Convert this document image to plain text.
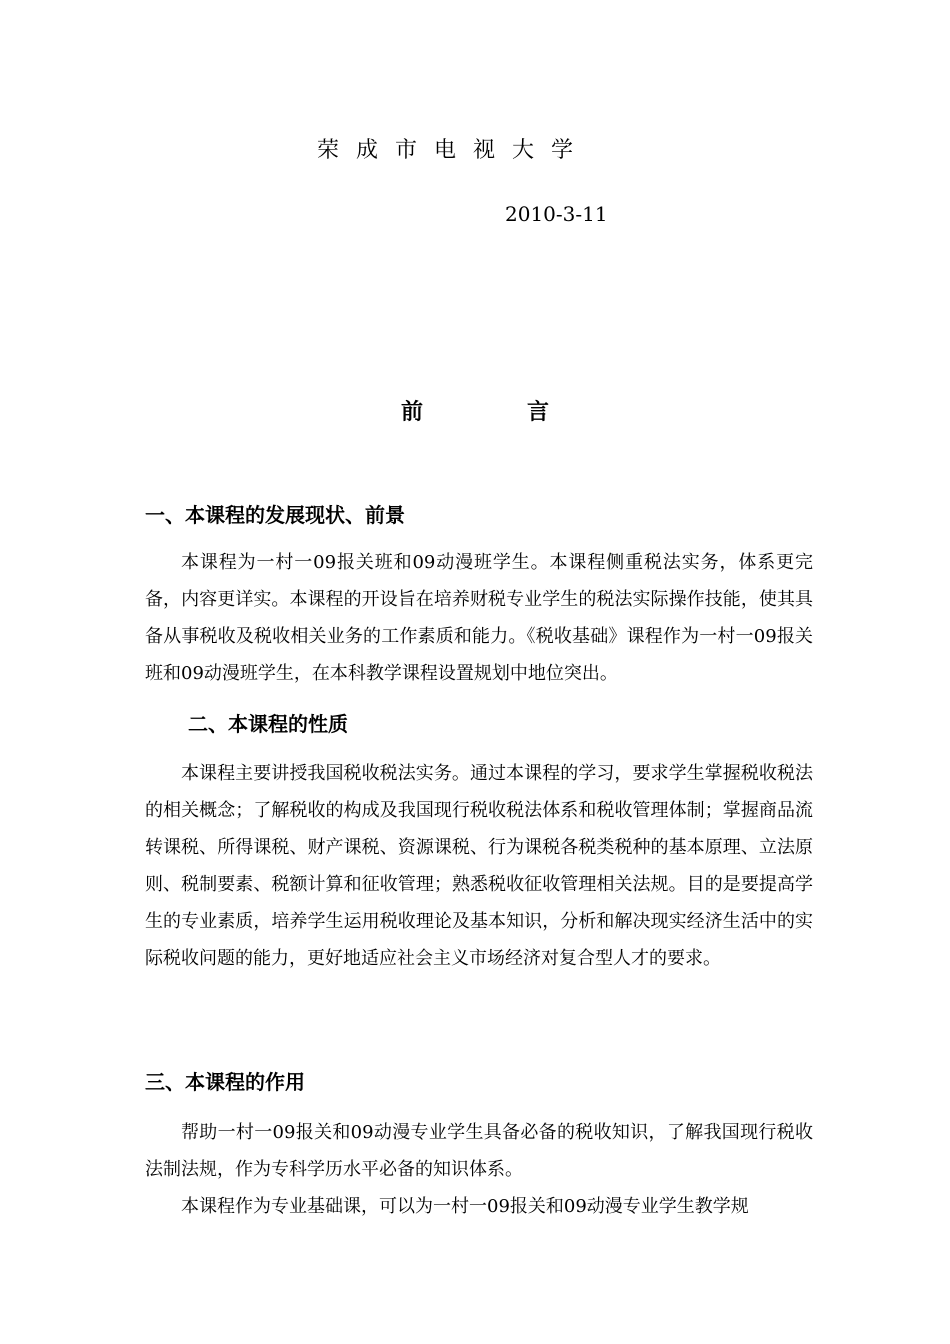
荣成市电视大学
2010-3-11
前	言
一、本课程的发展现状、前景
本课程为一村一09报关班和09动漫班学生。本课程侧重税法实务，体系更完备，内容更详实。本课程的开设旨在培养财税专业学生的税法实际操作技能，使其具备从事税收及税收相关业务的工作素质和能力。《税收基础》课程作为一村一09报关班和09动漫班学生，在本科教学课程设置规划中地位突出。
二、本课程的性质
本课程主要讲授我国税收税法实务。通过本课程的学习，要求学生掌握税收税法的相关概念；了解税收的构成及我国现行税收税法体系和税收管理体制；掌握商品流转课税、所得课税、财产课税、资源课税、行为课税各税类税种的基本原理、立法原则、税制要素、税额计算和征收管理；熟悉税收征收管理相关法规。目的是要提高学生的专业素质，培养学生运用税收理论及基本知识，分析和解决现实经济生活中的实际税收问题的能力，更好地适应社会主义市场经济对复合型人才的要求。
三、本课程的作用
帮助一村一09报关和09动漫专业学生具备必备的税收知识，了解我国现行税收法制法规，作为专科学历水平必备的知识体系。
本课程作为专业基础课，可以为一村一09报关和09动漫专业学生教学规
